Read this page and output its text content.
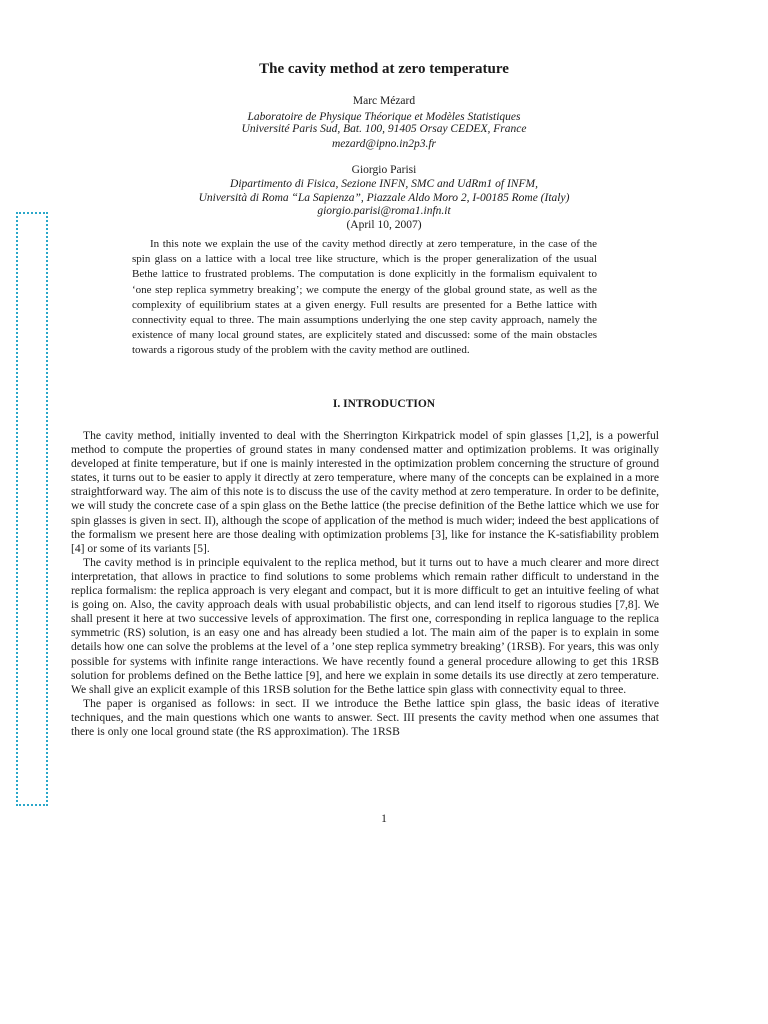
The cavity method at zero temperature
Marc Mézard
Laboratoire de Physique Théorique et Modèles Statistiques
Université Paris Sud, Bat. 100, 91405 Orsay CEDEX, France
mezard@ipno.in2p3.fr
Giorgio Parisi
Dipartimento di Fisica, Sezione INFN, SMC and UdRm1 of INFM,
Università di Roma “La Sapienza”, Piazzale Aldo Moro 2, I-00185 Rome (Italy)
giorgio.parisi@roma1.infn.it
(April 10, 2007)
In this note we explain the use of the cavity method directly at zero temperature, in the case of the spin glass on a lattice with a local tree like structure, which is the proper generalization of the usual Bethe lattice to frustrated problems. The computation is done explicitly in the formalism equivalent to ‘one step replica symmetry breaking’; we compute the energy of the global ground state, as well as the complexity of equilibrium states at a given energy. Full results are presented for a Bethe lattice with connectivity equal to three. The main assumptions underlying the one step cavity approach, namely the existence of many local ground states, are explicitely stated and discussed: some of the main obstacles towards a rigorous study of the problem with the cavity method are outlined.
I. INTRODUCTION

The cavity method, initially invented to deal with the Sherrington Kirkpatrick model of spin glasses [1,2], is a powerful method to compute the properties of ground states in many condensed matter and optimization problems. It was originally developed at finite temperature, but if one is mainly interested in the optimization problem concerning the structure of ground states, it turns out to be easier to apply it directly at zero temperature, where many of the concepts can be explained in a more straightforward way. The aim of this note is to discuss the use of the cavity method at zero temperature. In order to be definite, we will study the concrete case of a spin glass on the Bethe lattice (the precise definition of the Bethe lattice which we use for spin glasses is given in sect. II), although the scope of application of the method is much wider; indeed the best applications of the formalism we present here are those dealing with optimization problems [3], like for instance the K-satisfiability problem [4] or some of its variants [5].

The cavity method is in principle equivalent to the replica method, but it turns out to have a much clearer and more direct interpretation, that allows in practice to find solutions to some problems which remain rather difficult to understand in the replica formalism: the replica approach is very elegant and compact, but it is more difficult to get an intuitive feeling of what is going on. Also, the cavity approach deals with usual probabilistic objects, and can lend itself to rigorous studies [7,8]. We shall present it here at two successive levels of approximation. The first one, corresponding in replica language to the replica symmetric (RS) solution, is an easy one and has already been studied a lot. The main aim of the paper is to explain in some details how one can solve the problems at the level of a ’one step replica symmetry breaking’ (1RSB). For years, this was only possible for systems with infinite range interactions. We have recently found a general procedure allowing to get this 1RSB solution for problems defined on the Bethe lattice [9], and here we explain in some details its use directly at zero temperature. We shall give an explicit example of this 1RSB solution for the Bethe lattice spin glass with connectivity equal to three.

The paper is organised as follows: in sect. II we introduce the Bethe lattice spin glass, the basic ideas of iterative techniques, and the main questions which one wants to answer. Sect. III presents the cavity method when one assumes that there is only one local ground state (the RS approximation). The 1RSB

1
